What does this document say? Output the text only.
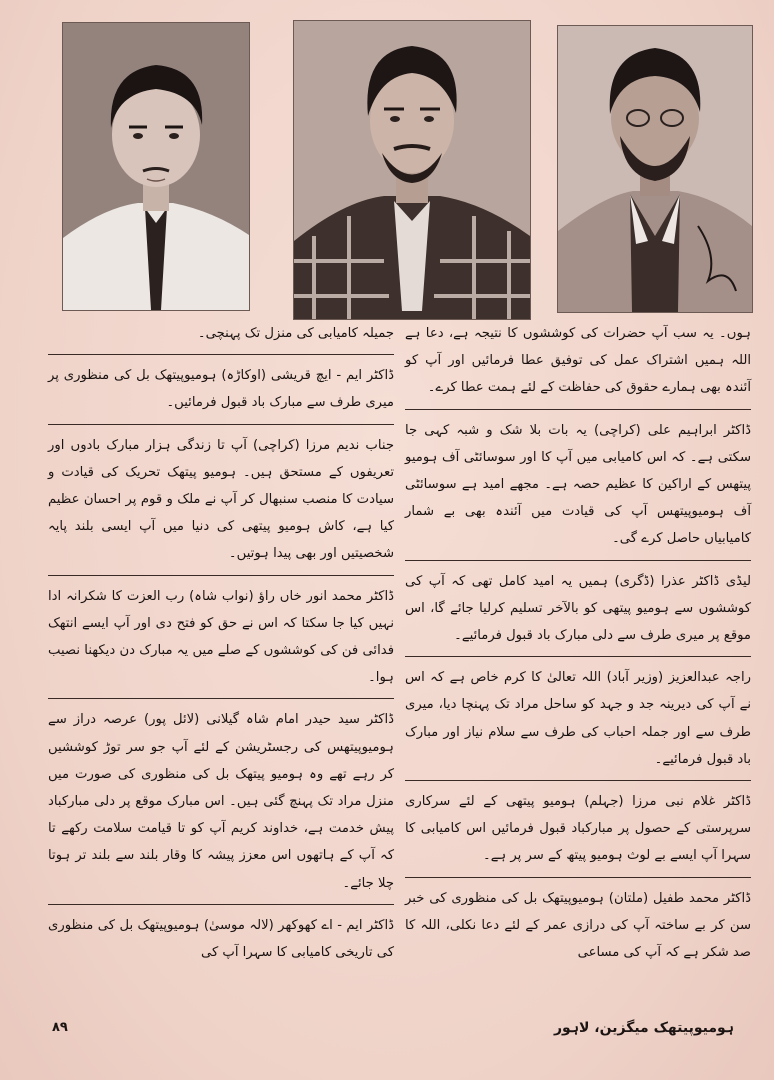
ہوں۔ یہ سب آپ حضرات کی کوششوں کا نتیجہ ہے، دعا ہے اللہ ہمیں اشتراک عمل کی توفیق عطا فرمائیں اور آپ کو آئندہ بھی ہمارے حقوق کی حفاظت کے لئے ہمت عطا کرے۔

ڈاکٹر ابراہیم علی (کراچی) یہ بات بلا شک و شبہ کہی جا سکتی ہے۔ کہ اس کامیابی میں آپ کا اور سوسائٹی آف ہومیو پیتھس کے اراکین کا عظیم حصہ ہے۔ مجھے امید ہے سوسائٹی آف ہومیوپیتھس آپ کی قیادت میں آئندہ بھی بے شمار کامیابیاں حاصل کرے گی۔

لیڈی ڈاکٹر عذرا (ڈگری) ہمیں یہ امید کامل تھی کہ آپ کی کوششوں سے ہومیو پیتھی کو بالآخر تسلیم کرلیا جائے گا، اس موقع پر میری طرف سے دلی مبارک باد قبول فرمائیے۔

راجہ عبدالعزیز (وزیر آباد) اللہ تعالیٰ کا کرم خاص ہے کہ اس نے آپ کی دیرینہ جد و جہد کو ساحل مراد تک پہنچا دیا، میری طرف سے اور جملہ احباب کی طرف سے سلام نیاز اور مبارک باد قبول فرمائیے۔

ڈاکٹر غلام نبی مرزا (جہلم) ہومیو پیتھی کے لئے سرکاری سرپرستی کے حصول پر مبارکباد قبول فرمائیں اس کامیابی کا سہرا آپ ایسے بے لوث ہومیو پیتھ کے سر پر ہے۔

ڈاکٹر محمد طفیل (ملتان) ہومیوپیتھک بل کی منظوری کی خبر سن کر بے ساختہ آپ کی درازی عمر کے لئے دعا نکلی، اللہ کا صد شکر ہے کہ آپ کی مساعی

جمیلہ کامیابی کی منزل تک پہنچی۔

ڈاکٹر ایم - ایچ قریشی (اوکاڑہ) ہومیوپیتھک بل کی منظوری پر میری طرف سے مبارک باد قبول فرمائیں۔

جناب ندیم مرزا (کراچی) آپ تا زندگی ہزار مبارک بادوں اور تعریفوں کے مستحق ہیں۔ ہومیو پیتھک تحریک کی قیادت و سیادت کا منصب سنبھال کر آپ نے ملک و قوم پر احسان عظیم کیا ہے، کاش ہومیو پیتھی کی دنیا میں آپ ایسی بلند پایہ شخصیتیں اور بھی پیدا ہوتیں۔

ڈاکٹر محمد انور خاں راؤ (نواب شاہ) رب العزت کا شکرانہ ادا نہیں کیا جا سکتا کہ اس نے حق کو فتح دی اور آپ ایسے انتھک فدائی فن کی کوششوں کے صلے میں یہ مبارک دن دیکھنا نصیب ہوا۔

ڈاکٹر سید حیدر امام شاہ گیلانی (لائل پور) عرصہ دراز سے ہومیوپیتھس کی رجسٹریشن کے لئے آپ جو سر توڑ کوششیں کر رہے تھے وہ ہومیو پیتھک بل کی منظوری کی صورت میں منزل مراد تک پہنچ گئی ہیں۔ اس مبارک موقع پر دلی مبارکباد پیش خدمت ہے، خداوند کریم آپ کو تا قیامت سلامت رکھے تا کہ آپ کے ہاتھوں اس معزز پیشہ کا وقار بلند سے بلند تر ہوتا چلا جائے۔

ڈاکٹر ایم - اے کھوکھر (لالہ موسیٰ) ہومیوپیتھک بل کی منظوری کی تاریخی کامیابی کا سہرا آپ کی

ہومیوپیتھک میگزین، لاہور
٨٩
